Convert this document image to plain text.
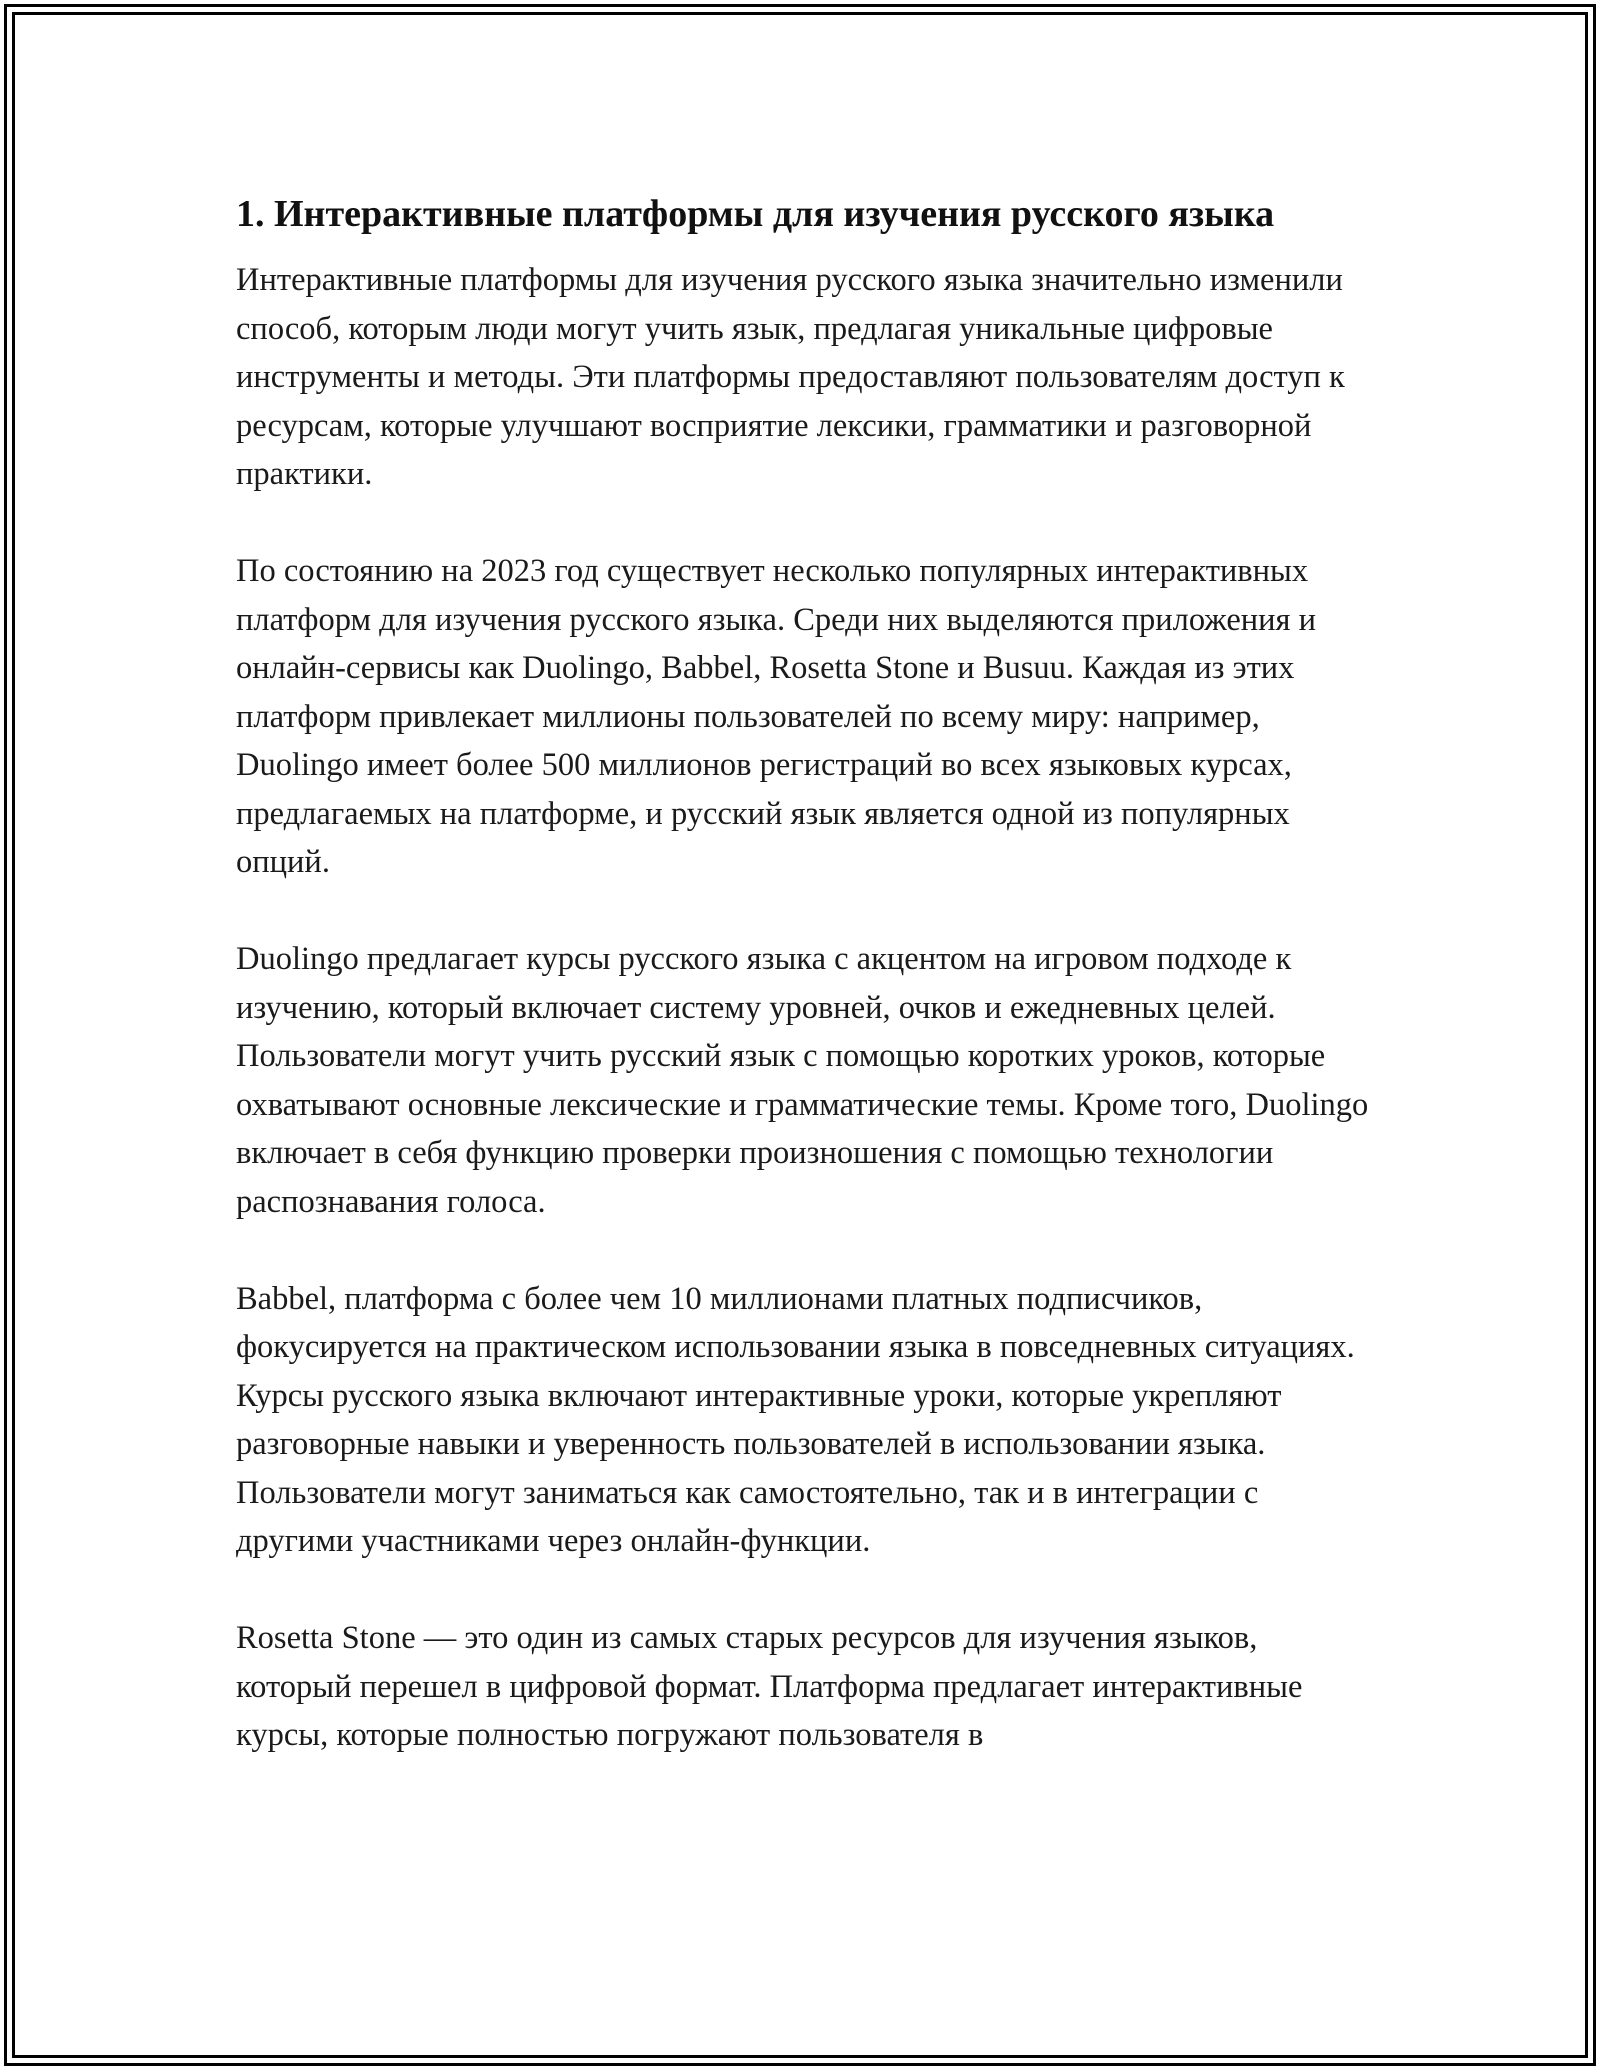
1. Интерактивные платформы для изучения русского языка

Интерактивные платформы для изучения русского языка значительно изменили способ, которым люди могут учить язык, предлагая уникальные цифровые инструменты и методы. Эти платформы предоставляют пользователям доступ к ресурсам, которые улучшают восприятие лексики, грамматики и разговорной практики.

По состоянию на 2023 год существует несколько популярных интерактивных платформ для изучения русского языка. Среди них выделяются приложения и онлайн-сервисы как Duolingo, Babbel, Rosetta Stone и Busuu. Каждая из этих платформ привлекает миллионы пользователей по всему миру: например, Duolingo имеет более 500 миллионов регистраций во всех языковых курсах, предлагаемых на платформе, и русский язык является одной из популярных опций.

Duolingo предлагает курсы русского языка с акцентом на игровом подходе к изучению, который включает систему уровней, очков и ежедневных целей. Пользователи могут учить русский язык с помощью коротких уроков, которые охватывают основные лексические и грамматические темы. Кроме того, Duolingo включает в себя функцию проверки произношения с помощью технологии распознавания голоса.

Babbel, платформа с более чем 10 миллионами платных подписчиков, фокусируется на практическом использовании языка в повседневных ситуациях. Курсы русского языка включают интерактивные уроки, которые укрепляют разговорные навыки и уверенность пользователей в использовании языка. Пользователи могут заниматься как самостоятельно, так и в интеграции с другими участниками через онлайн-функции.

Rosetta Stone — это один из самых старых ресурсов для изучения языков, который перешел в цифровой формат. Платформа предлагает интерактивные курсы, которые полностью погружают пользователя в
